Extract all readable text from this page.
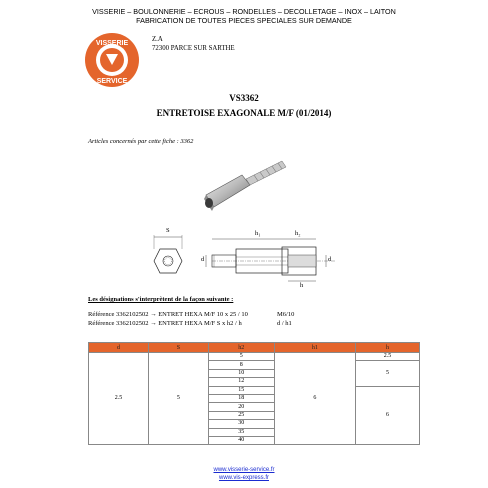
VISSERIE – BOULONNERIE – ECROUS – RONDELLES – DECOLLETAGE – INOX – LAITON
FABRICATION DE TOUTES PIECES SPECIALES SUR DEMANDE
VISSERIE
SERVICE
Z.A
72300 PARCE SUR SARTHE
VS3362
ENTRETOISE EXAGONALE M/F (01/2014)
Articles concernés par cette fiche : 3362
S
d	d
h₁	h₂
h
Les désignations s'interprètent de la façon suivante :
Référence 3362102502 → ENTRET HEXA M/F 10 x 25 / 10	M6/10
Référence 3362102502 → ENTRET HEXA M/F S x h2 / h	d / h1
d	S	h2	h1	h
2.5	5	5	6	2.5
		8		5
		10		
		12		
		15		6
		18		
		20		
		25		
		30		
		35		
		40		
www.visserie-service.fr
www.vis-express.fr
